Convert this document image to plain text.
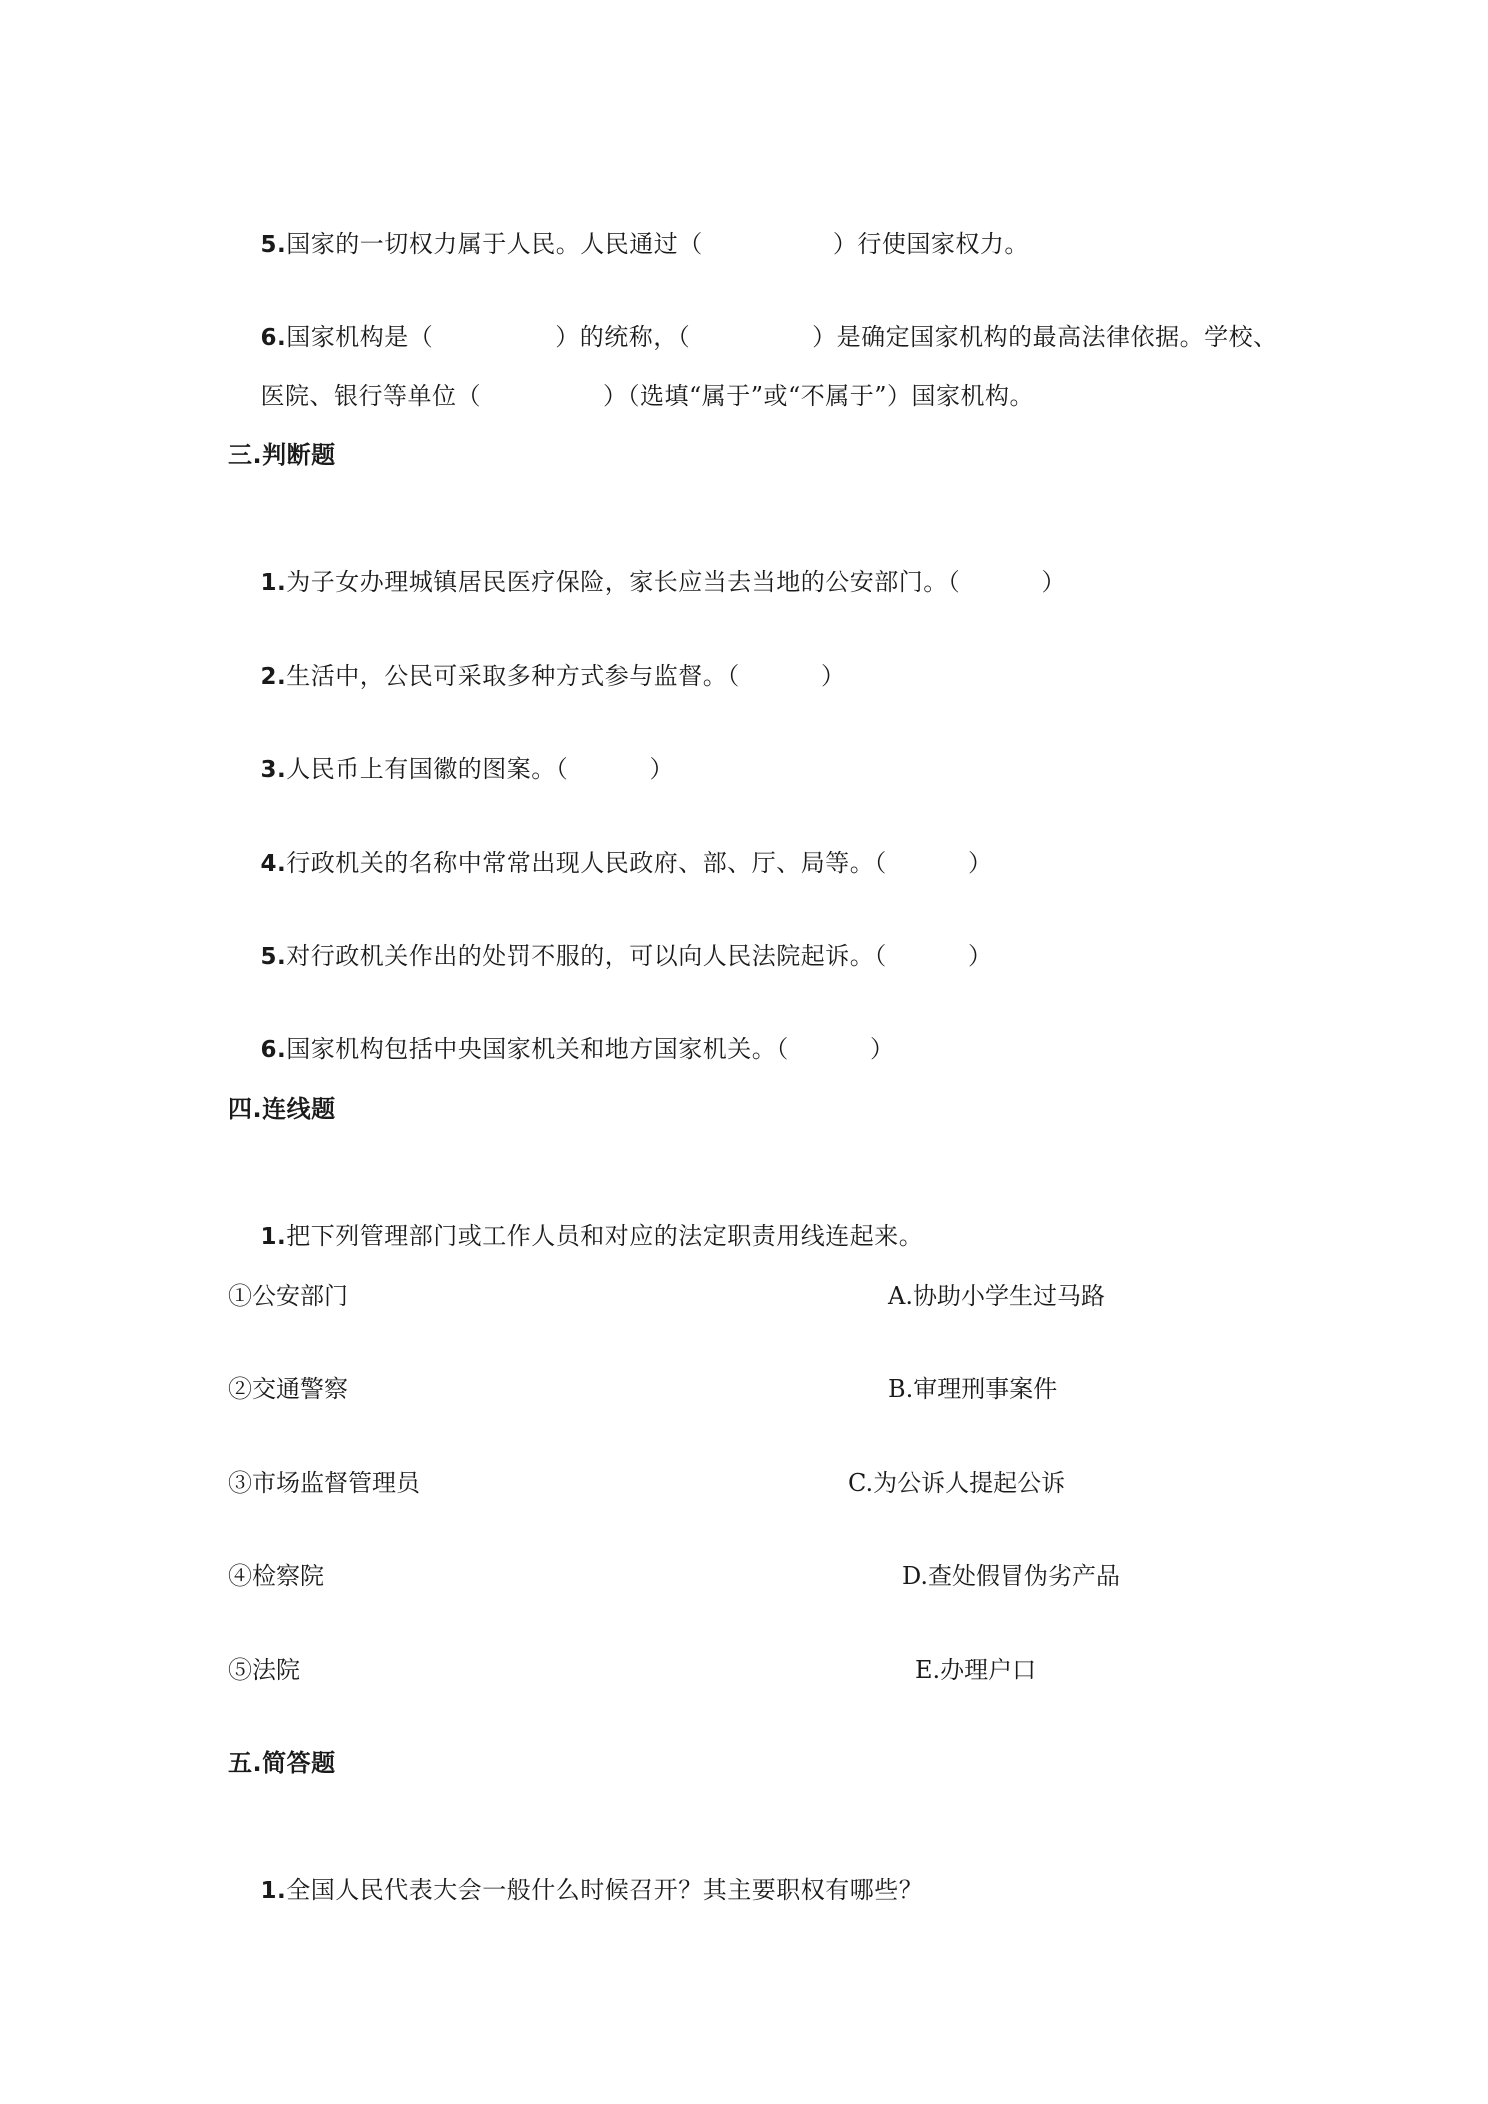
5.国家的一切权力属于人民。人民通过（                ）行使国家权力。

6.国家机构是（               ）的统称，（               ）是确定国家机构的最高法律依据。学校、

医院、银行等单位（               ）（选填“属于”或“不属于”）国家机构。

三.判断题

1.为子女办理城镇居民医疗保险，家长应当去当地的公安部门。（          ）

2.生活中，公民可采取多种方式参与监督。（          ）

3.人民币上有国徽的图案。（          ）

4.行政机关的名称中常常出现人民政府、部、厅、局等。（          ）

5.对行政机关作出的处罚不服的，可以向人民法院起诉。（          ）

6.国家机构包括中央国家机关和地方国家机关。（          ）

四.连线题

1.把下列管理部门或工作人员和对应的法定职责用线连起来。

①公安部门	A.协助小学生过马路
②交通警察	B.审理刑事案件
③市场监督管理员	C.为公诉人提起公诉
④检察院	D.查处假冒伪劣产品
⑤法院	E.办理户口
五.简答题

1.全国人民代表大会一般什么时候召开？其主要职权有哪些？
